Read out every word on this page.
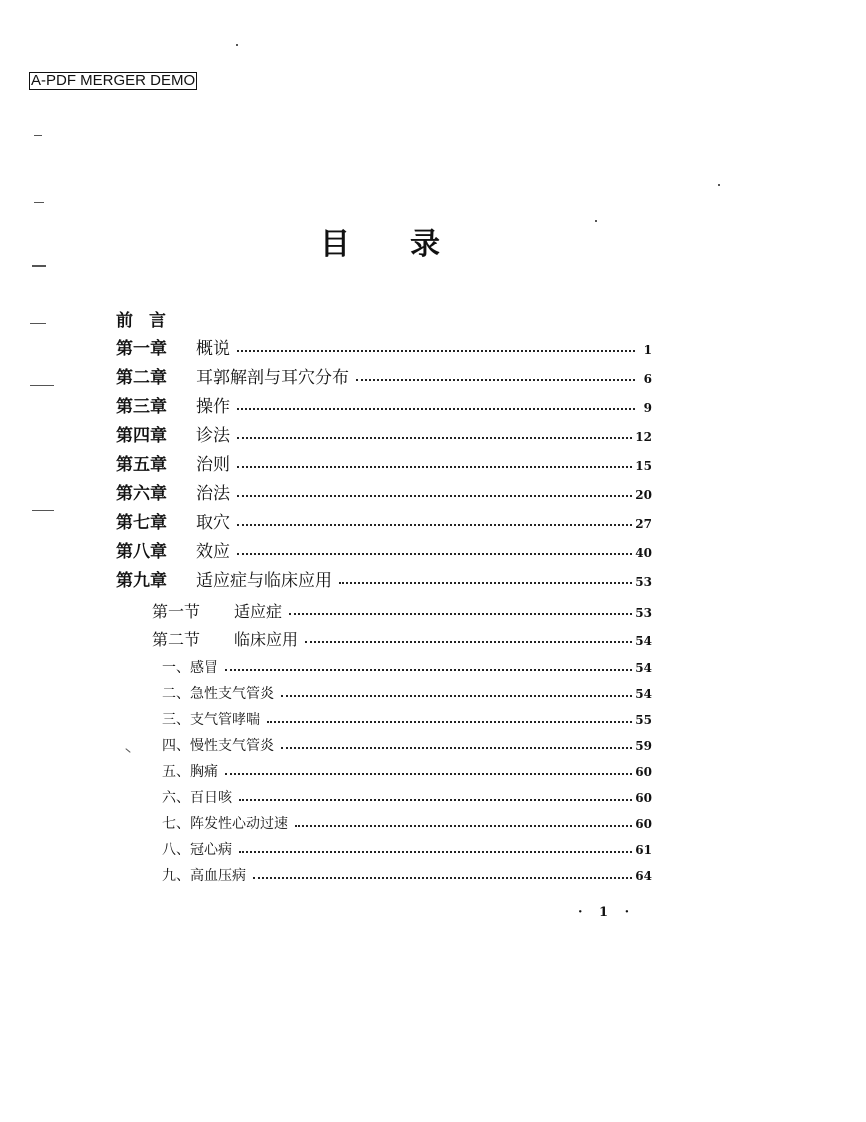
A-PDF MERGER DEMO
目录
前言
第一章	概说	1
第二章	耳郭解剖与耳穴分布	6
第三章	操作	9
第四章	诊法	12
第五章	治则	15
第六章	治法	20
第七章	取穴	27
第八章	效应	40
第九章	适应症与临床应用	53
第一节	适应症	53
第二节	临床应用	54
一、感冒	54
二、急性支气管炎	54
三、支气管哮喘	55
四、慢性支气管炎	59
五、胸痛	60
六、百日咳	60
七、阵发性心动过速	60
八、冠心病	61
九、高血压病	64
· 1 ·
